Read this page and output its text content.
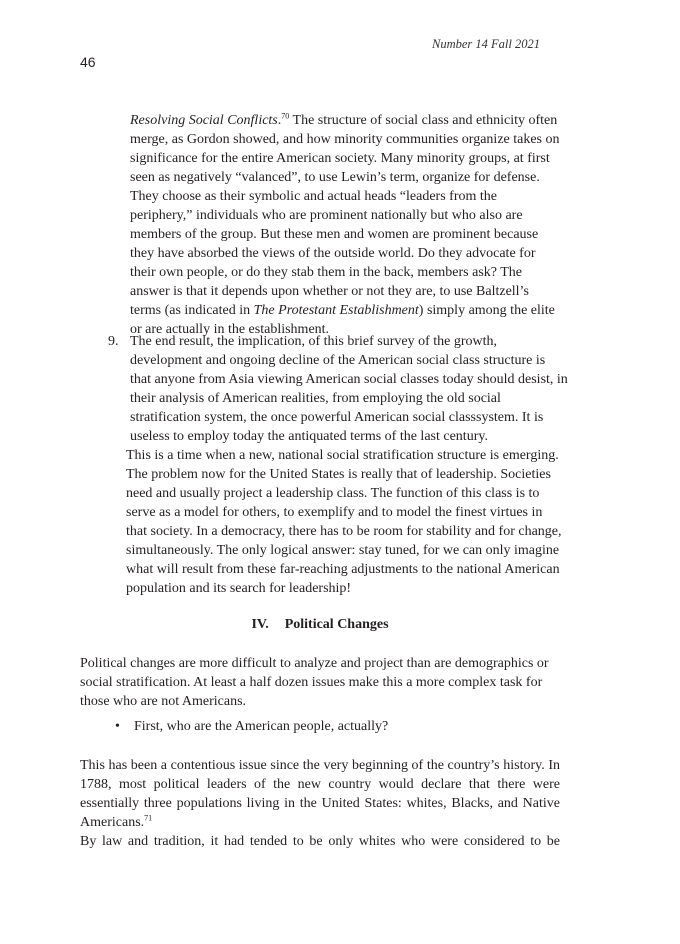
Number 14 Fall 2021
46

Resolving Social Conflicts.$^{70}$ The structure of social class and ethnicity often merge, as Gordon showed, and how minority communities organize takes on significance for the entire American society. Many minority groups, at first seen as negatively “valanced”, to use Lewin’s term, organize for defense. They choose as their symbolic and actual heads “leaders from the periphery,” individuals who are prominent nationally but who also are members of the group. But these men and women are prominent because they have absorbed the views of the outside world. Do they advocate for their own people, or do they stab them in the back, members ask? The answer is that it depends upon whether or not they are, to use Baltzell’s terms (as indicated in The Protestant Establishment) simply among the elite or are actually in the establishment.

9. The end result, the implication, of this brief survey of the growth, development and ongoing decline of the American social class structure is that anyone from Asia viewing American social classes today should desist, in their analysis of American realities, from employing the old social stratification system, the once powerful American social classsystem. It is useless to employ today the antiquated terms of the last century.

This is a time when a new, national social stratification structure is emerging. The problem now for the United States is really that of leadership. Societies need and usually project a leadership class. The function of this class is to serve as a model for others, to exemplify and to model the finest virtues in that society. In a democracy, there has to be room for stability and for change, simultaneously. The only logical answer: stay tuned, for we can only imagine what will result from these far-reaching adjustments to the national American population and its search for leadership!

IV. Political Changes

Political changes are more difficult to analyze and project than are demographics or social stratification. At least a half dozen issues make this a more complex task for those who are not Americans.

• First, who are the American people, actually?

This has been a contentious issue since the very beginning of the country’s history. In 1788, most political leaders of the new country would declare that there were essentially three populations living in the United States: whites, Blacks, and Native Americans.$^{71}$

By law and tradition, it had tended to be only whites who were considered to be
